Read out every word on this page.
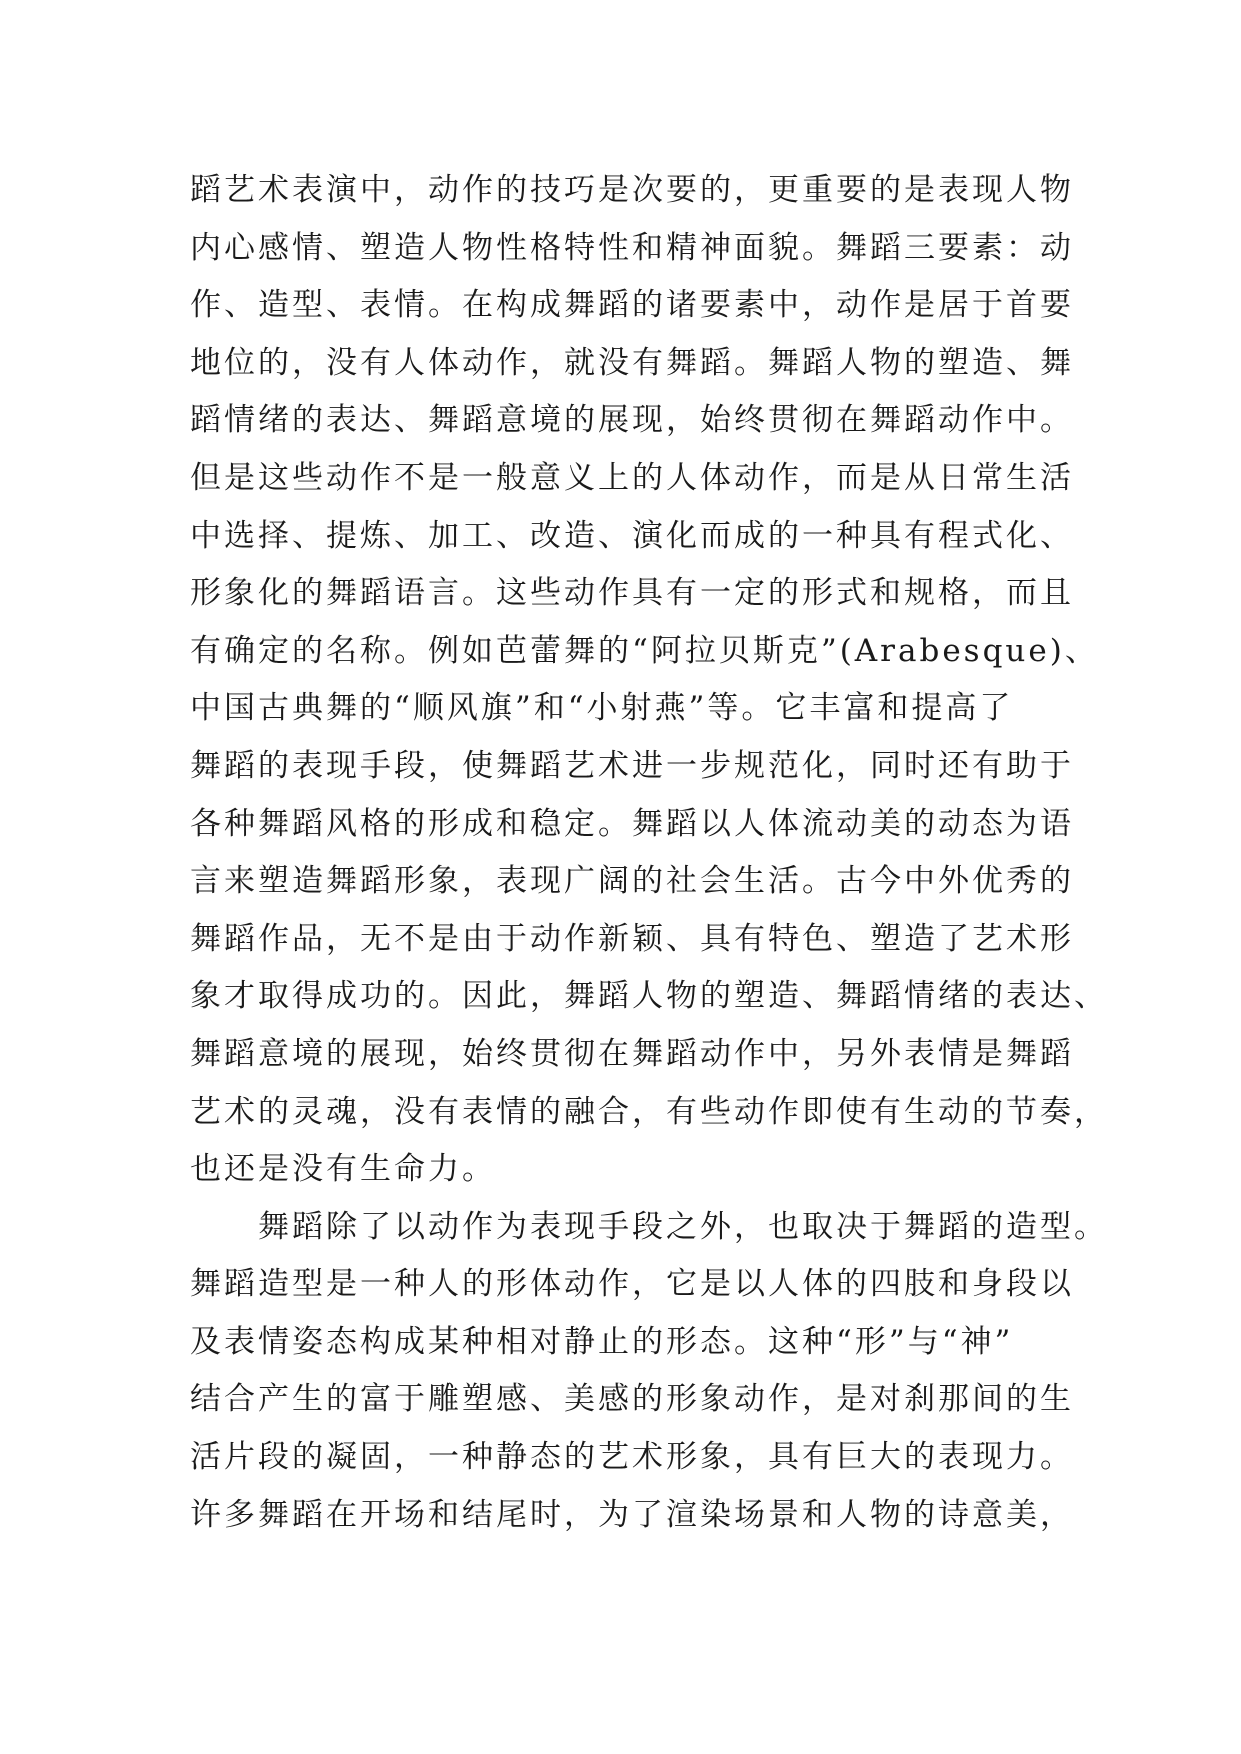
蹈艺术表演中，动作的技巧是次要的，更重要的是表现人物
内心感情、塑造人物性格特性和精神面貌。舞蹈三要素：动
作、造型、表情。在构成舞蹈的诸要素中，动作是居于首要
地位的，没有人体动作，就没有舞蹈。舞蹈人物的塑造、舞
蹈情绪的表达、舞蹈意境的展现，始终贯彻在舞蹈动作中。
但是这些动作不是一般意义上的人体动作，而是从日常生活
中选择、提炼、加工、改造、演化而成的一种具有程式化、
形象化的舞蹈语言。这些动作具有一定的形式和规格，而且
有确定的名称。例如芭蕾舞的“阿拉贝斯克”(Arabesque)、
中国古典舞的“顺风旗”和“小射燕”等。它丰富和提高了
舞蹈的表现手段，使舞蹈艺术进一步规范化，同时还有助于
各种舞蹈风格的形成和稳定。舞蹈以人体流动美的动态为语
言来塑造舞蹈形象，表现广阔的社会生活。古今中外优秀的
舞蹈作品，无不是由于动作新颖、具有特色、塑造了艺术形
象才取得成功的。因此，舞蹈人物的塑造、舞蹈情绪的表达、
舞蹈意境的展现，始终贯彻在舞蹈动作中，另外表情是舞蹈
艺术的灵魂，没有表情的融合，有些动作即使有生动的节奏，
也还是没有生命力。
舞蹈除了以动作为表现手段之外，也取决于舞蹈的造型。
舞蹈造型是一种人的形体动作，它是以人体的四肢和身段以
及表情姿态构成某种相对静止的形态。这种“形”与“神”
结合产生的富于雕塑感、美感的形象动作，是对刹那间的生
活片段的凝固，一种静态的艺术形象，具有巨大的表现力。
许多舞蹈在开场和结尾时，为了渲染场景和人物的诗意美，
